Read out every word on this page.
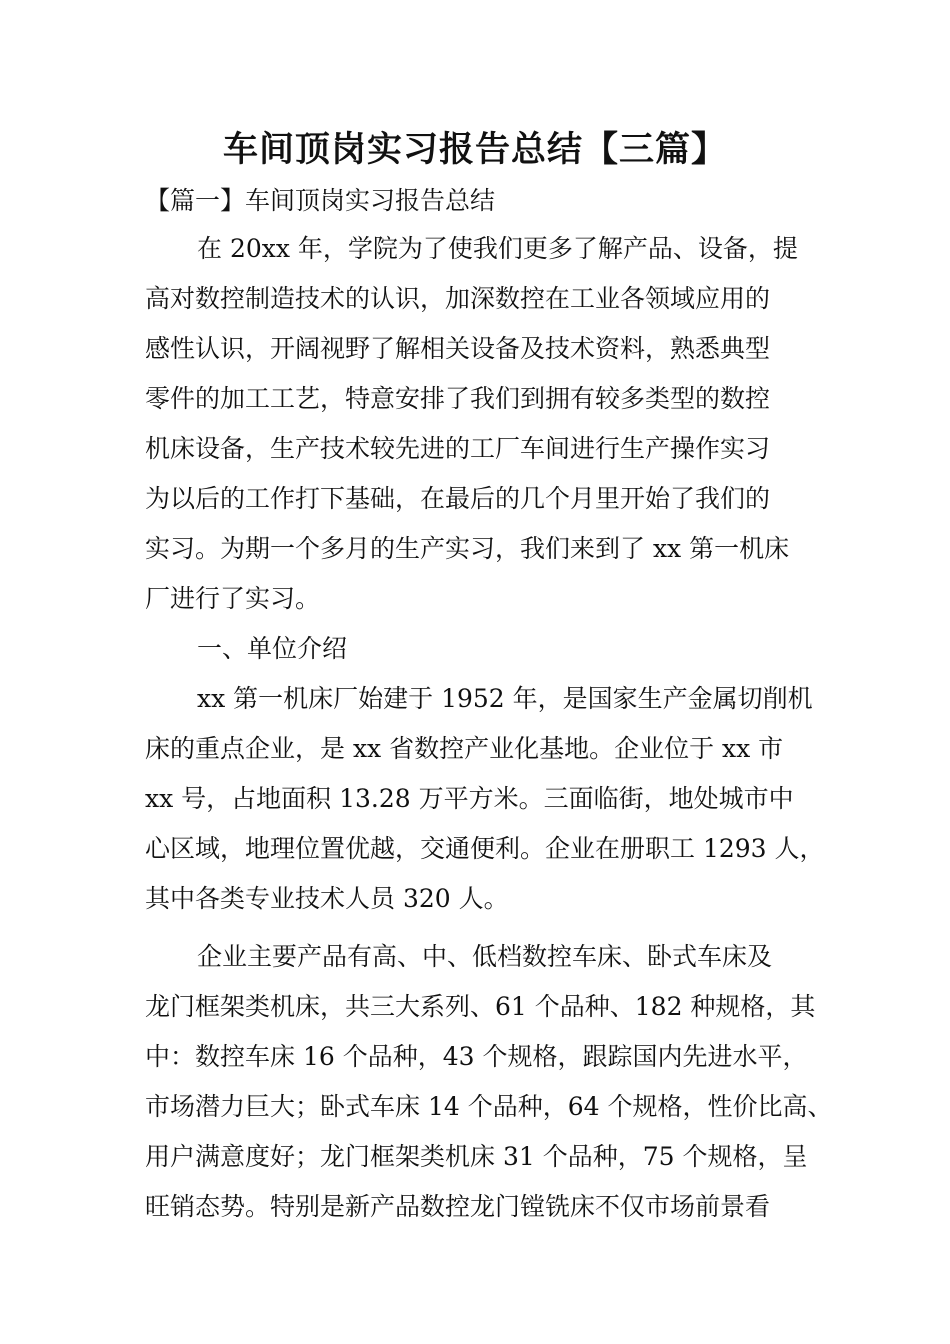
车间顶岗实习报告总结【三篇】
【篇一】车间顶岗实习报告总结
在 20xx 年，学院为了使我们更多了解产品、设备，提
高对数控制造技术的认识，加深数控在工业各领域应用的
感性认识，开阔视野了解相关设备及技术资料，熟悉典型
零件的加工工艺，特意安排了我们到拥有较多类型的数控
机床设备，生产技术较先进的工厂车间进行生产操作实习
为以后的工作打下基础，在最后的几个月里开始了我们的
实习。为期一个多月的生产实习，我们来到了 xx 第一机床
厂进行了实习。
一、单位介绍
xx 第一机床厂始建于 1952 年，是国家生产金属切削机
床的重点企业，是 xx 省数控产业化基地。企业位于 xx 市
xx 号，占地面积 13.28 万平方米。三面临街，地处城市中
心区域，地理位置优越，交通便利。企业在册职工 1293 人，
其中各类专业技术人员 320 人。
企业主要产品有高、中、低档数控车床、卧式车床及
龙门框架类机床，共三大系列、61 个品种、182 种规格，其
中：数控车床 16 个品种，43 个规格，跟踪国内先进水平，
市场潜力巨大；卧式车床 14 个品种，64 个规格，性价比高、
用户满意度好；龙门框架类机床 31 个品种，75 个规格，呈
旺销态势。特别是新产品数控龙门镗铣床不仅市场前景看
